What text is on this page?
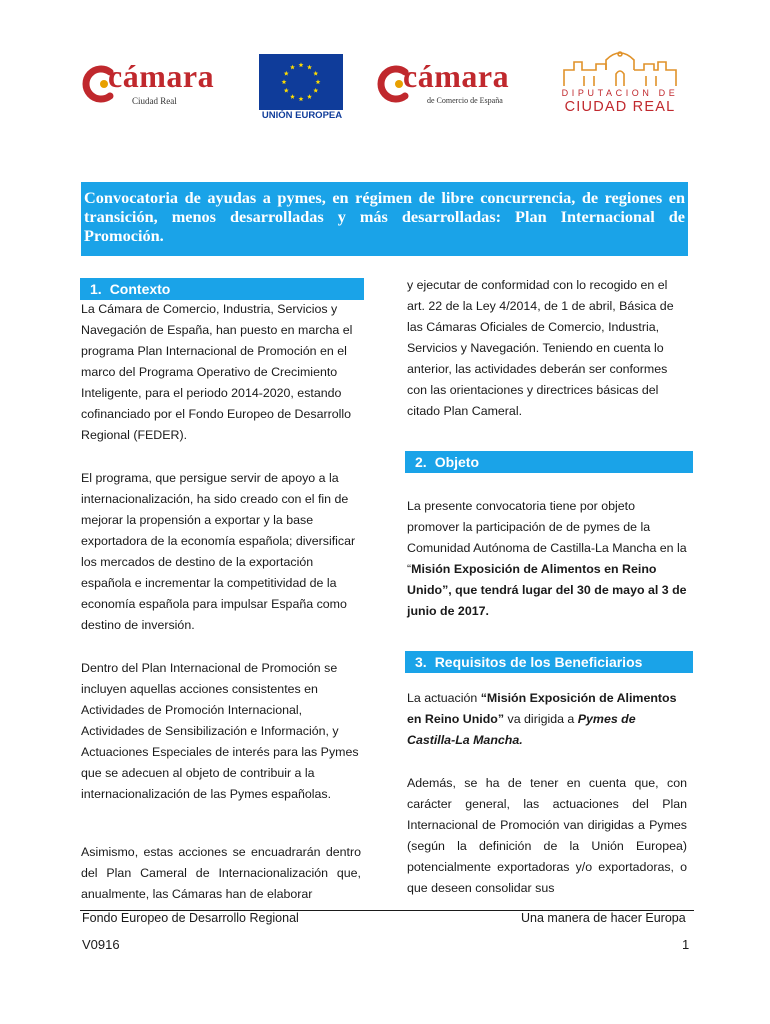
cámara
Ciudad Real
UNIÓN EUROPEA
cámara
de Comercio de España
DIPUTACION DE
CIUDAD REAL

Convocatoria de ayudas a pymes, en régimen de libre concurrencia, de regiones en transición, menos desarrolladas y más desarrolladas: Plan Internacional de Promoción.

1. Contexto

La Cámara de Comercio, Industria, Servicios y Navegación de España, han puesto en marcha el programa Plan Internacional de Promoción en el marco del Programa Operativo de Crecimiento Inteligente, para el periodo 2014-2020, estando cofinanciado por el Fondo Europeo de Desarrollo Regional (FEDER).

El programa, que persigue servir de apoyo a la internacionalización, ha sido creado con el fin de mejorar la propensión a exportar y la base exportadora de la economía española; diversificar los mercados de destino de la exportación española e incrementar la competitividad de la economía española para impulsar España como destino de inversión.

Dentro del Plan Internacional de Promoción se incluyen aquellas acciones consistentes en Actividades de Promoción Internacional, Actividades de Sensibilización e Información, y Actuaciones Especiales de interés para las Pymes que se adecuen al objeto de contribuir a la internacionalización de las Pymes españolas.

Asimismo, estas acciones se encuadrarán dentro del Plan Cameral de Internacionalización que, anualmente, las Cámaras han de elaborar

y ejecutar de conformidad con lo recogido en el art. 22 de la Ley 4/2014, de 1 de abril, Básica de las Cámaras Oficiales de Comercio, Industria, Servicios y Navegación. Teniendo en cuenta lo anterior, las actividades deberán ser conformes con las orientaciones y directrices básicas del citado Plan Cameral.

2. Objeto

La presente convocatoria tiene por objeto promover la participación de de pymes de la Comunidad Autónoma de Castilla-La Mancha en la “Misión Exposición de Alimentos en Reino Unido”, que tendrá lugar del 30 de mayo al 3 de junio de 2017.

3. Requisitos de los Beneficiarios

La actuación “Misión Exposición de Alimentos en Reino Unido” va dirigida a Pymes de Castilla-La Mancha.

Además, se ha de tener en cuenta que, con carácter general, las actuaciones del Plan Internacional de Promoción van dirigidas a Pymes (según la definición de la Unión Europea) potencialmente exportadoras y/o exportadoras, o que deseen consolidar sus

Fondo Europeo de Desarrollo Regional	Una manera de hacer Europa
V0916	1
